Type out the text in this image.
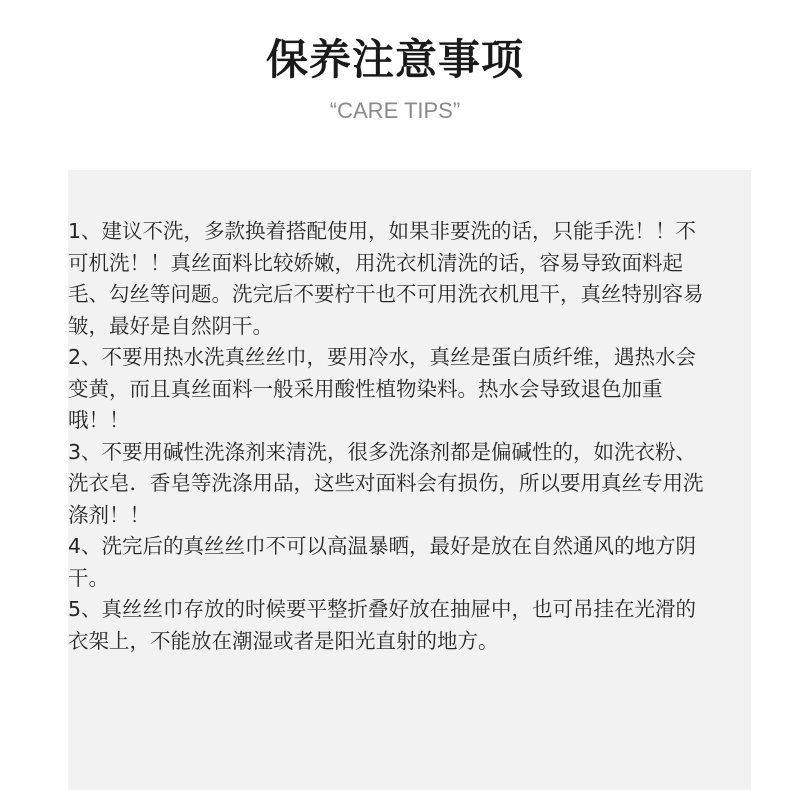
保养注意事项
“CARE TIPS”
1、建议不洗，多款换着搭配使用，如果非要洗的话，只能手洗！！不可机洗！！真丝面料比较娇嫩，用洗衣机清洗的话，容易导致面料起毛、勾丝等问题。洗完后不要柠干也不可用洗衣机甩干，真丝特别容易皱，最好是自然阴干。
2、不要用热水洗真丝丝巾，要用冷水，真丝是蛋白质纤维，遇热水会变黄，而且真丝面料一般采用酸性植物染料。热水会导致退色加重哦！！
3、不要用碱性洗涤剂来清洗，很多洗涤剂都是偏碱性的，如洗衣粉、洗衣皂．香皂等洗涤用品，这些对面料会有损伤，所以要用真丝专用洗涤剂！！
4、洗完后的真丝丝巾不可以高温暴晒，最好是放在自然通风的地方阴干。
5、真丝丝巾存放的时候要平整折叠好放在抽屉中，也可吊挂在光滑的衣架上，不能放在潮湿或者是阳光直射的地方。
